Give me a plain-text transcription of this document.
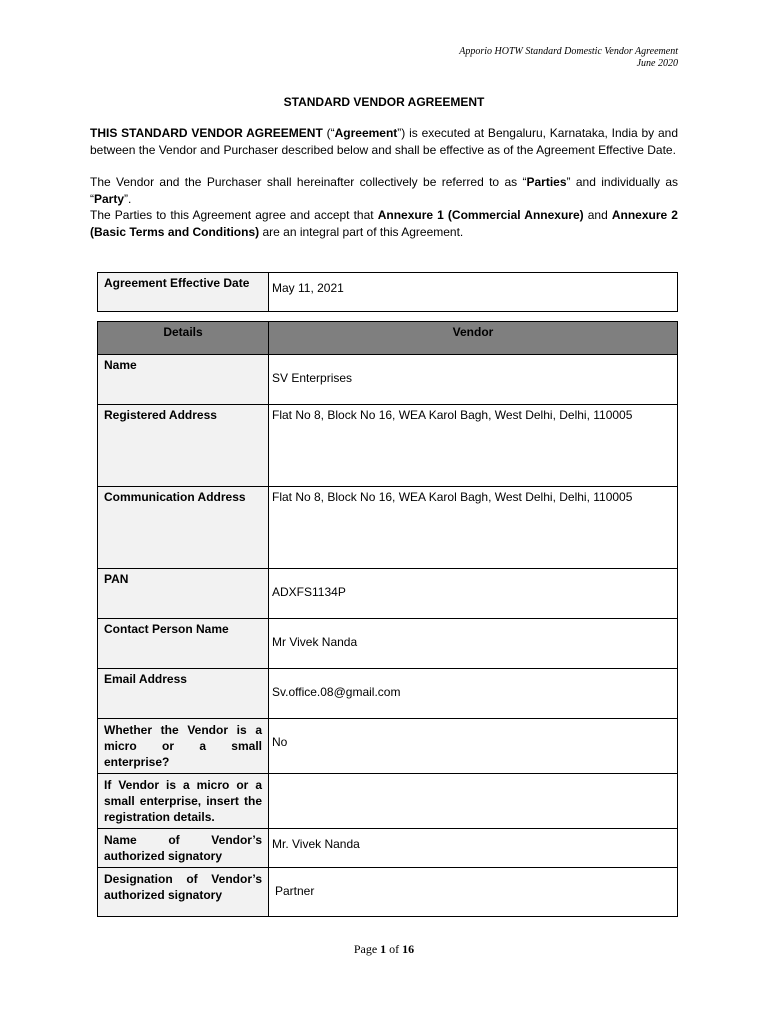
Apporio HOTW Standard Domestic Vendor Agreement
June 2020
STANDARD VENDOR AGREEMENT
THIS STANDARD VENDOR AGREEMENT (“Agreement”) is executed at Bengaluru, Karnataka, India by and between the Vendor and Purchaser described below and shall be effective as of the Agreement Effective Date.
The Vendor and the Purchaser shall hereinafter collectively be referred to as “Parties” and individually as “Party”.
The Parties to this Agreement agree and accept that Annexure 1 (Commercial Annexure) and Annexure 2 (Basic Terms and Conditions) are an integral part of this Agreement.
Agreement Effective Date	May 11, 2021
Details	Vendor
Name	SV Enterprises
Registered Address	Flat No 8, Block No 16, WEA Karol Bagh, West Delhi, Delhi, 110005
Communication Address	Flat No 8, Block No 16, WEA Karol Bagh, West Delhi, Delhi, 110005
PAN	ADXFS1134P
Contact Person Name	Mr Vivek Nanda
Email Address	Sv.office.08@gmail.com
Whether the Vendor is a micro or a small enterprise?	No
If Vendor is a micro or a small enterprise, insert the registration details.	
Name of Vendor’s authorized signatory	Mr. Vivek Nanda
Designation of Vendor’s authorized signatory	Partner
Page 1 of 16
